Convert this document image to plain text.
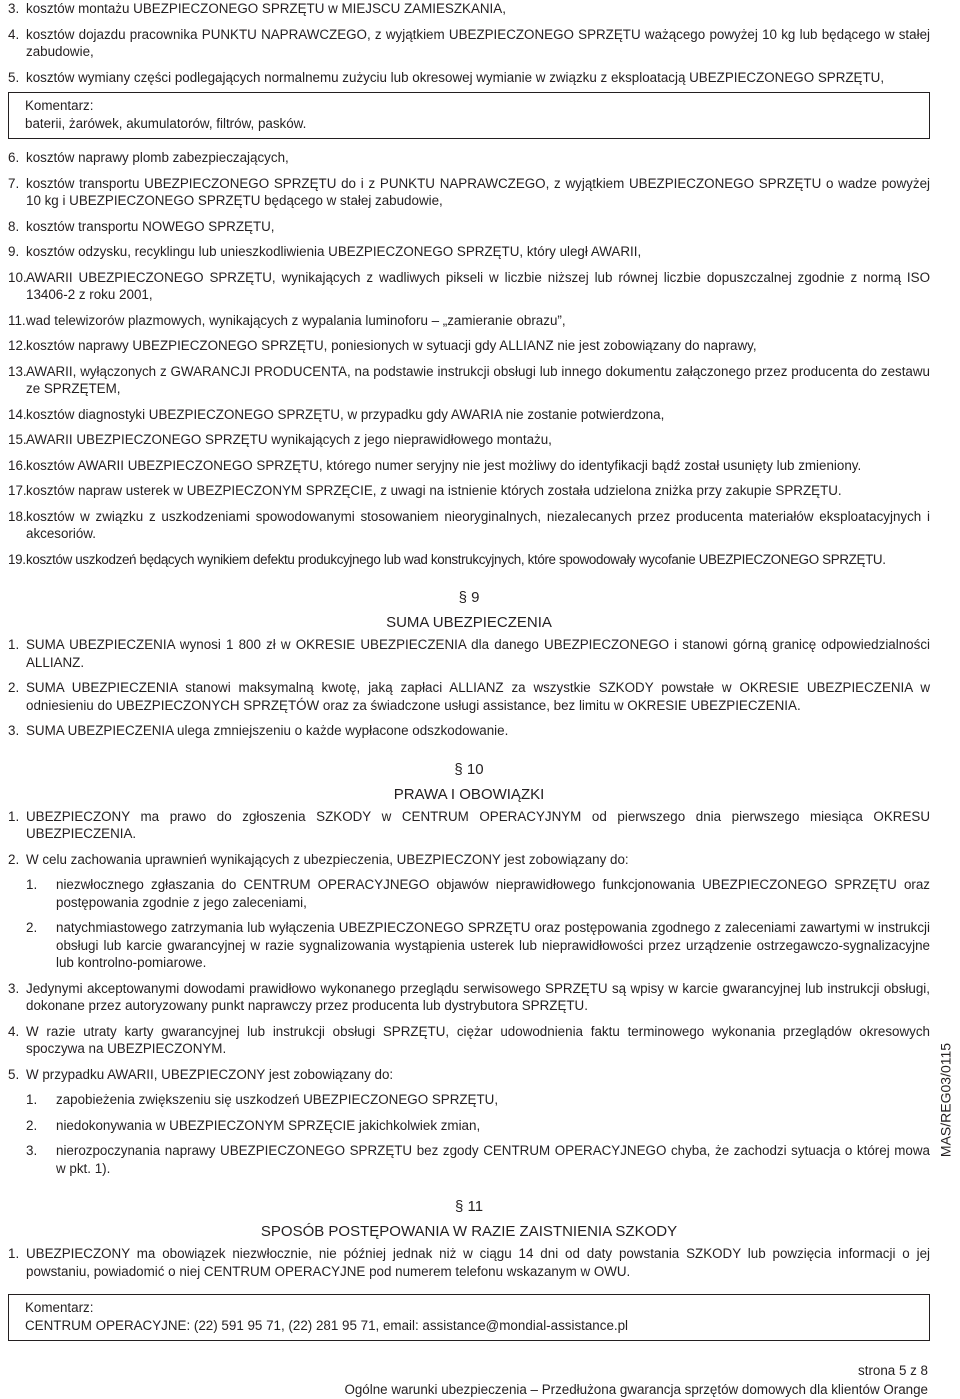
3. kosztów montażu UBEZPIECZONEGO SPRZĘTU w MIEJSCU ZAMIESZKANIA,
4. kosztów dojazdu pracownika PUNKTU NAPRAWCZEGO, z wyjątkiem UBEZPIECZONEGO SPRZĘTU ważącego powyżej 10 kg lub będącego w stałej zabudowie,
5. kosztów wymiany części podlegających normalnemu zużyciu lub okresowej wymianie w związku z eksploatacją UBEZPIECZONEGO SPRZĘTU,
Komentarz:
baterii, żarówek, akumulatorów, filtrów, pasków.
6. kosztów naprawy plomb zabezpieczających,
7. kosztów transportu UBEZPIECZONEGO SPRZĘTU do i z PUNKTU NAPRAWCZEGO, z wyjątkiem UBEZPIECZONEGO SPRZĘTU o wadze powyżej 10 kg i UBEZPIECZONEGO SPRZĘTU będącego w stałej zabudowie,
8. kosztów transportu NOWEGO SPRZĘTU,
9. kosztów odzysku, recyklingu lub unieszkodliwienia UBEZPIECZONEGO SPRZĘTU, który uległ AWARII,
10. AWARII UBEZPIECZONEGO SPRZĘTU, wynikających z wadliwych pikseli w liczbie niższej lub równej liczbie dopuszczalnej zgodnie z normą ISO 13406-2 z roku 2001,
11. wad telewizorów plazmowych, wynikających z wypalania luminoforu – „zamieranie obrazu”,
12. kosztów naprawy UBEZPIECZONEGO SPRZĘTU, poniesionych w sytuacji gdy ALLIANZ nie jest zobowiązany do naprawy,
13. AWARII, wyłączonych z GWARANCJI PRODUCENTA, na podstawie instrukcji obsługi lub innego dokumentu załączonego przez producenta do zestawu ze SPRZĘTEM,
14. kosztów diagnostyki UBEZPIECZONEGO SPRZĘTU, w przypadku gdy AWARIA nie zostanie potwierdzona,
15. AWARII UBEZPIECZONEGO SPRZĘTU wynikających z jego nieprawidłowego montażu,
16. kosztów AWARII UBEZPIECZONEGO SPRZĘTU, którego numer seryjny nie jest możliwy do identyfikacji bądź został usunięty lub zmieniony.
17. kosztów napraw usterek w UBEZPIECZONYM SPRZĘCIE, z uwagi na istnienie których została udzielona zniżka przy zakupie SPRZĘTU.
18. kosztów w związku z uszkodzeniami spowodowanymi stosowaniem nieoryginalnych, niezalecanych przez producenta materiałów eksploatacyjnych i akcesoriów.
19. kosztów uszkodzeń będących wynikiem defektu produkcyjnego lub wad konstrukcyjnych, które spowodowały wycofanie UBEZPIECZONEGO SPRZĘTU.
§ 9
SUMA UBEZPIECZENIA
1. SUMA UBEZPIECZENIA wynosi 1 800 zł w OKRESIE UBEZPIECZENIA dla danego UBEZPIECZONEGO i stanowi górną granicę odpowiedzialności ALLIANZ.
2. SUMA UBEZPIECZENIA stanowi maksymalną kwotę, jaką zapłaci ALLIANZ za wszystkie SZKODY powstałe w OKRESIE UBEZPIECZENIA w odniesieniu do UBEZPIECZONYCH SPRZĘTÓW oraz za świadczone usługi assistance, bez limitu w OKRESIE UBEZPIECZENIA.
3. SUMA UBEZPIECZENIA ulega zmniejszeniu o każde wypłacone odszkodowanie.
§ 10
PRAWA I OBOWIĄZKI
1. UBEZPIECZONY ma prawo do zgłoszenia SZKODY w CENTRUM OPERACYJNYM od pierwszego dnia pierwszego miesiąca OKRESU UBEZPIECZENIA.
2. W celu zachowania uprawnień wynikających z ubezpieczenia, UBEZPIECZONY jest zobowiązany do:
1. niezwłocznego zgłaszania do CENTRUM OPERACYJNEGO objawów nieprawidłowego funkcjonowania UBEZPIECZONEGO SPRZĘTU oraz postępowania zgodnie z jego zaleceniami,
2. natychmiastowego zatrzymania lub wyłączenia UBEZPIECZONEGO SPRZĘTU oraz postępowania zgodnego z zaleceniami zawartymi w instrukcji obsługi lub karcie gwarancyjnej w razie sygnalizowania wystąpienia usterek lub nieprawidłowości przez urządzenie ostrzegawczo-sygnalizacyjne lub kontrolno-pomiarowe.
3. Jedynymi akceptowanymi dowodami prawidłowo wykonanego przeglądu serwisowego SPRZĘTU są wpisy w karcie gwarancyjnej lub instrukcji obsługi, dokonane przez autoryzowany punkt naprawczy przez producenta lub dystrybutora SPRZĘTU.
4. W razie utraty karty gwarancyjnej lub instrukcji obsługi SPRZĘTU, ciężar udowodnienia faktu terminowego wykonania przeglądów okresowych spoczywa na UBEZPIECZONYM.
5. W przypadku AWARII, UBEZPIECZONY jest zobowiązany do:
1. zapobieżenia zwiększeniu się uszkodzeń UBEZPIECZONEGO SPRZĘTU,
2. niedokonywania w UBEZPIECZONYM SPRZĘCIE jakichkolwiek zmian,
3. nierozpoczynania naprawy UBEZPIECZONEGO SPRZĘTU bez zgody CENTRUM OPERACYJNEGO chyba, że zachodzi sytuacja o której mowa w pkt. 1).
§ 11
SPOSÓB POSTĘPOWANIA W RAZIE ZAISTNIENIA SZKODY
1. UBEZPIECZONY ma obowiązek niezwłocznie, nie później jednak niż w ciągu 14 dni od daty powstania SZKODY lub powzięcia informacji o jej powstaniu, powiadomić o niej CENTRUM OPERACYJNE pod numerem telefonu wskazanym w OWU.
Komentarz:
CENTRUM OPERACYJNE: (22) 591 95 71, (22) 281 95 71, email: assistance@mondial-assistance.pl
MAS/REG03/0115
strona 5 z 8
Ogólne warunki ubezpieczenia – Przedłużona gwarancja sprzętów domowych dla klientów Orange
